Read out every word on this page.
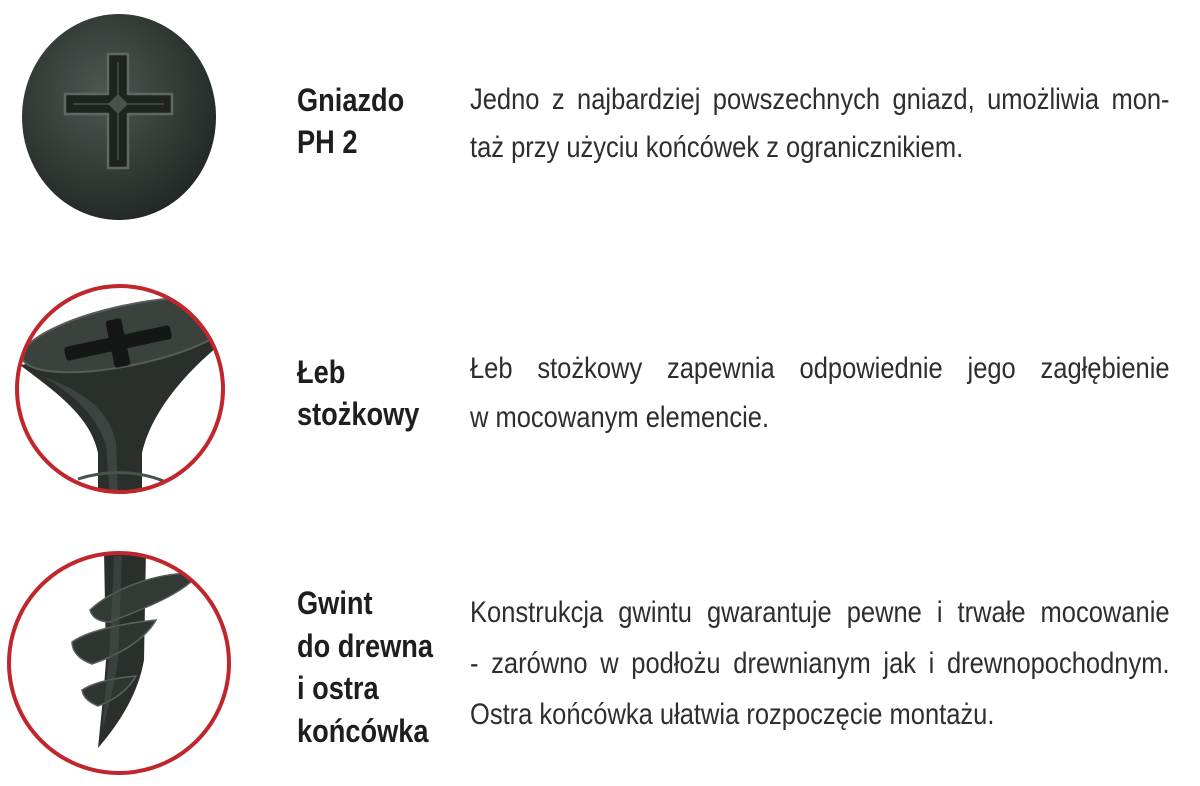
Gniazdo
PH 2
Jedno z najbardziej powszechnych gniazd, umożliwia mon-
taż przy użyciu końcówek z ogranicznikiem.
Łeb
stożkowy
Łeb stożkowy zapewnia odpowiednie jego zagłębienie
w mocowanym elemencie.
Gwint
do drewna
i ostra
końcówka
Konstrukcja gwintu gwarantuje pewne i trwałe mocowanie
- zarówno w podłożu drewnianym jak i drewnopochodnym.
Ostra końcówka ułatwia rozpoczęcie montażu.
